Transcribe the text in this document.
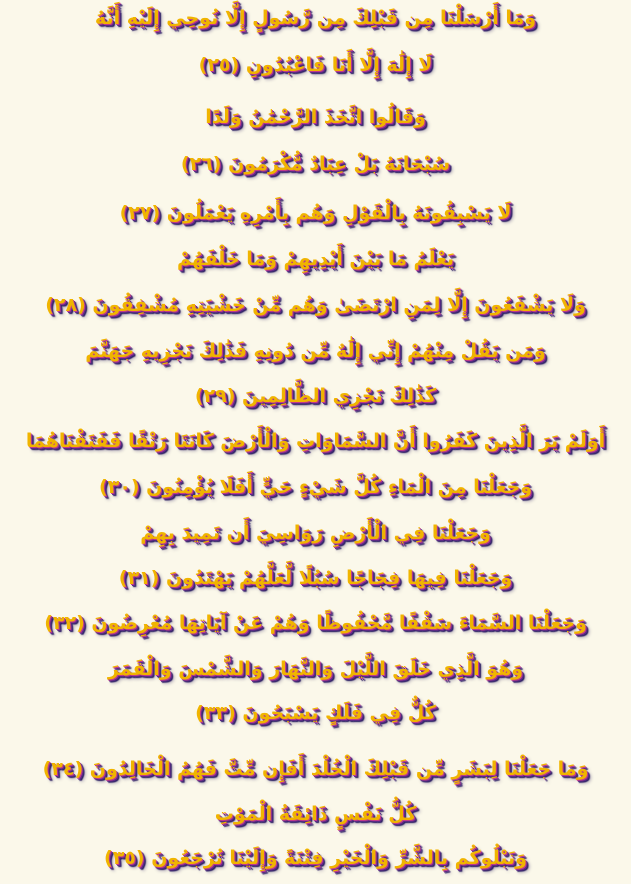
وَمَا أَرْسَلْنَا مِن قَبْلِكَ مِن رَّسُولٍ إِلَّا نُوحِي إِلَيْهِ أَنَّهُ
لَا إِلَٰهَ إِلَّا أَنَا فَاعْبُدُونِ (٢٥)
وَقَالُوا اتَّخَذَ الرَّحْمَٰنُ وَلَدًا
سُبْحَانَهُ بَلْ عِبَادٌ مُّكْرَمُونَ (٢٦)
لَا يَسْبِقُونَهُ بِالْقَوْلِ وَهُم بِأَمْرِهِ يَعْمَلُونَ (٢٧)
يَعْلَمُ مَا بَيْنَ أَيْدِيهِمْ وَمَا خَلْفَهُمْ
وَلَا يَشْفَعُونَ إِلَّا لِمَنِ ارْتَضَىٰ وَهُم مِّنْ خَشْيَتِهِ مُشْفِقُونَ (٢٨)
وَمَن يَقُلْ مِنْهُمْ إِنِّي إِلَٰهٌ مِّن دُونِهِ فَذَٰلِكَ نَجْزِيهِ جَهَنَّمَ
كَذَٰلِكَ نَجْزِي الظَّالِمِينَ (٢٩)
أَوَلَمْ يَرَ الَّذِينَ كَفَرُوا أَنَّ السَّمَاوَاتِ وَالْأَرْضَ كَانَتَا رَتْقًا فَفَتَقْنَاهُمَا
وَجَعَلْنَا مِنَ الْمَاءِ كُلَّ شَيْءٍ حَيٍّ أَفَلَا يُؤْمِنُونَ (٣٠)
وَجَعَلْنَا فِي الْأَرْضِ رَوَاسِيَ أَن تَمِيدَ بِهِمْ
وَجَعَلْنَا فِيهَا فِجَاجًا سُبُلًا لَّعَلَّهُمْ يَهْتَدُونَ (٣١)
وَجَعَلْنَا السَّمَاءَ سَقْفًا مَّحْفُوظًا وَهُمْ عَنْ آيَاتِهَا مُعْرِضُونَ (٣٢)
وَهُوَ الَّذِي خَلَقَ اللَّيْلَ وَالنَّهَارَ وَالشَّمْسَ وَالْقَمَرَ
كُلٌّ فِي فَلَكٍ يَسْبَحُونَ (٣٣)
وَمَا جَعَلْنَا لِبَشَرٍ مِّن قَبْلِكَ الْخُلْدَ أَفَإِن مِّتَّ فَهُمُ الْخَالِدُونَ (٣٤)
كُلُّ نَفْسٍ ذَائِقَةُ الْمَوْتِ
وَنَبْلُوكُم بِالشَّرِّ وَالْخَيْرِ فِتْنَةً وَإِلَيْنَا تُرْجَعُونَ (٣٥)
